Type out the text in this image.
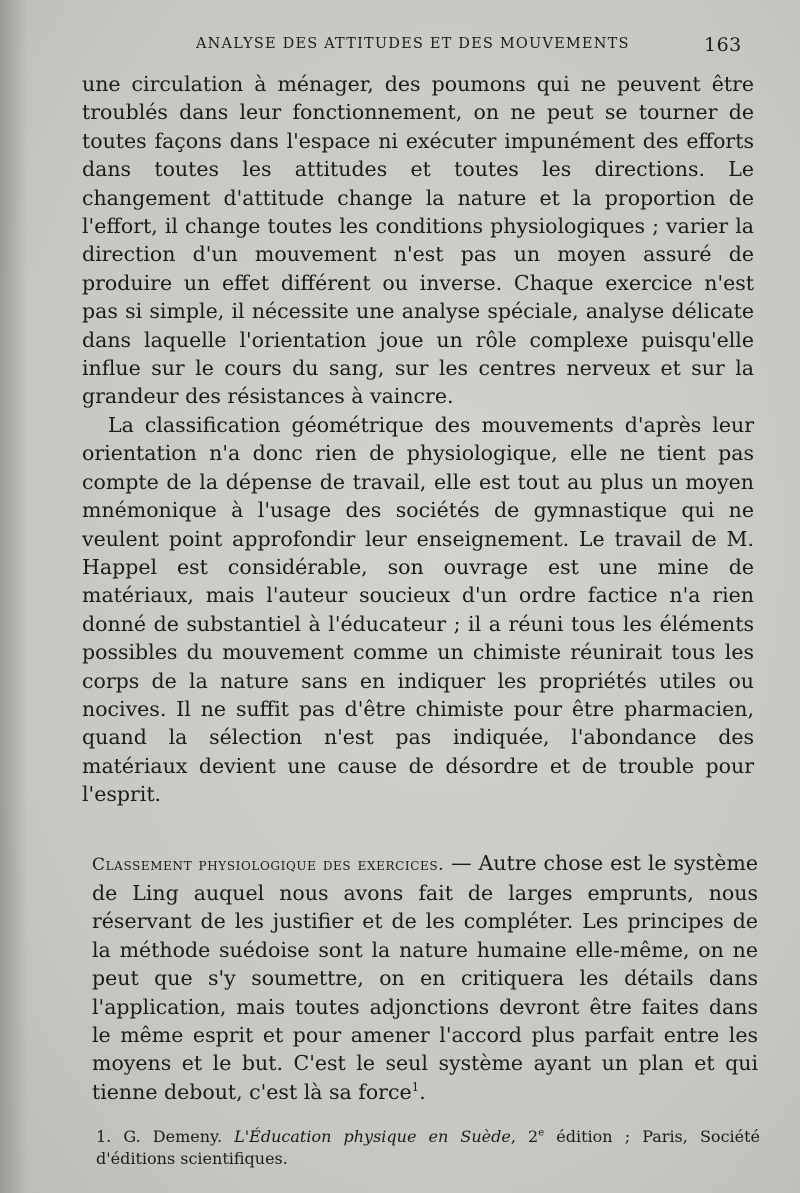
ANALYSE DES ATTITUDES ET DES MOUVEMENTS	163

une circulation à ménager, des poumons qui ne peuvent être troublés dans leur fonctionnement, on ne peut se tourner de toutes façons dans l'espace ni exécuter impunément des efforts dans toutes les attitudes et toutes les directions. Le changement d'attitude change la nature et la proportion de l'effort, il change toutes les conditions physiologiques ; varier la direction d'un mouvement n'est pas un moyen assuré de produire un effet différent ou inverse. Chaque exercice n'est pas si simple, il nécessite une analyse spéciale, analyse délicate dans laquelle l'orientation joue un rôle complexe puisqu'elle influe sur le cours du sang, sur les centres nerveux et sur la grandeur des résistances à vaincre.

La classification géométrique des mouvements d'après leur orientation n'a donc rien de physiologique, elle ne tient pas compte de la dépense de travail, elle est tout au plus un moyen mnémonique à l'usage des sociétés de gymnastique qui ne veulent point approfondir leur enseignement. Le travail de M. Happel est considérable, son ouvrage est une mine de matériaux, mais l'auteur soucieux d'un ordre factice n'a rien donné de substantiel à l'éducateur ; il a réuni tous les éléments possibles du mouvement comme un chimiste réunirait tous les corps de la nature sans en indiquer les propriétés utiles ou nocives. Il ne suffit pas d'être chimiste pour être pharmacien, quand la sélection n'est pas indiquée, l'abondance des matériaux devient une cause de désordre et de trouble pour l'esprit.

Classement physiologique des exercices. — Autre chose est le système de Ling auquel nous avons fait de larges emprunts, nous réservant de les justifier et de les compléter. Les principes de la méthode suédoise sont la nature humaine elle-même, on ne peut que s'y soumettre, on en critiquera les détails dans l'application, mais toutes adjonctions devront être faites dans le même esprit et pour amener l'accord plus parfait entre les moyens et le but. C'est le seul système ayant un plan et qui tienne debout, c'est là sa force$^1$.

1. G. Demeny. L'Éducation physique en Suède, 2e édition ; Paris, Société d'éditions scientifiques.
